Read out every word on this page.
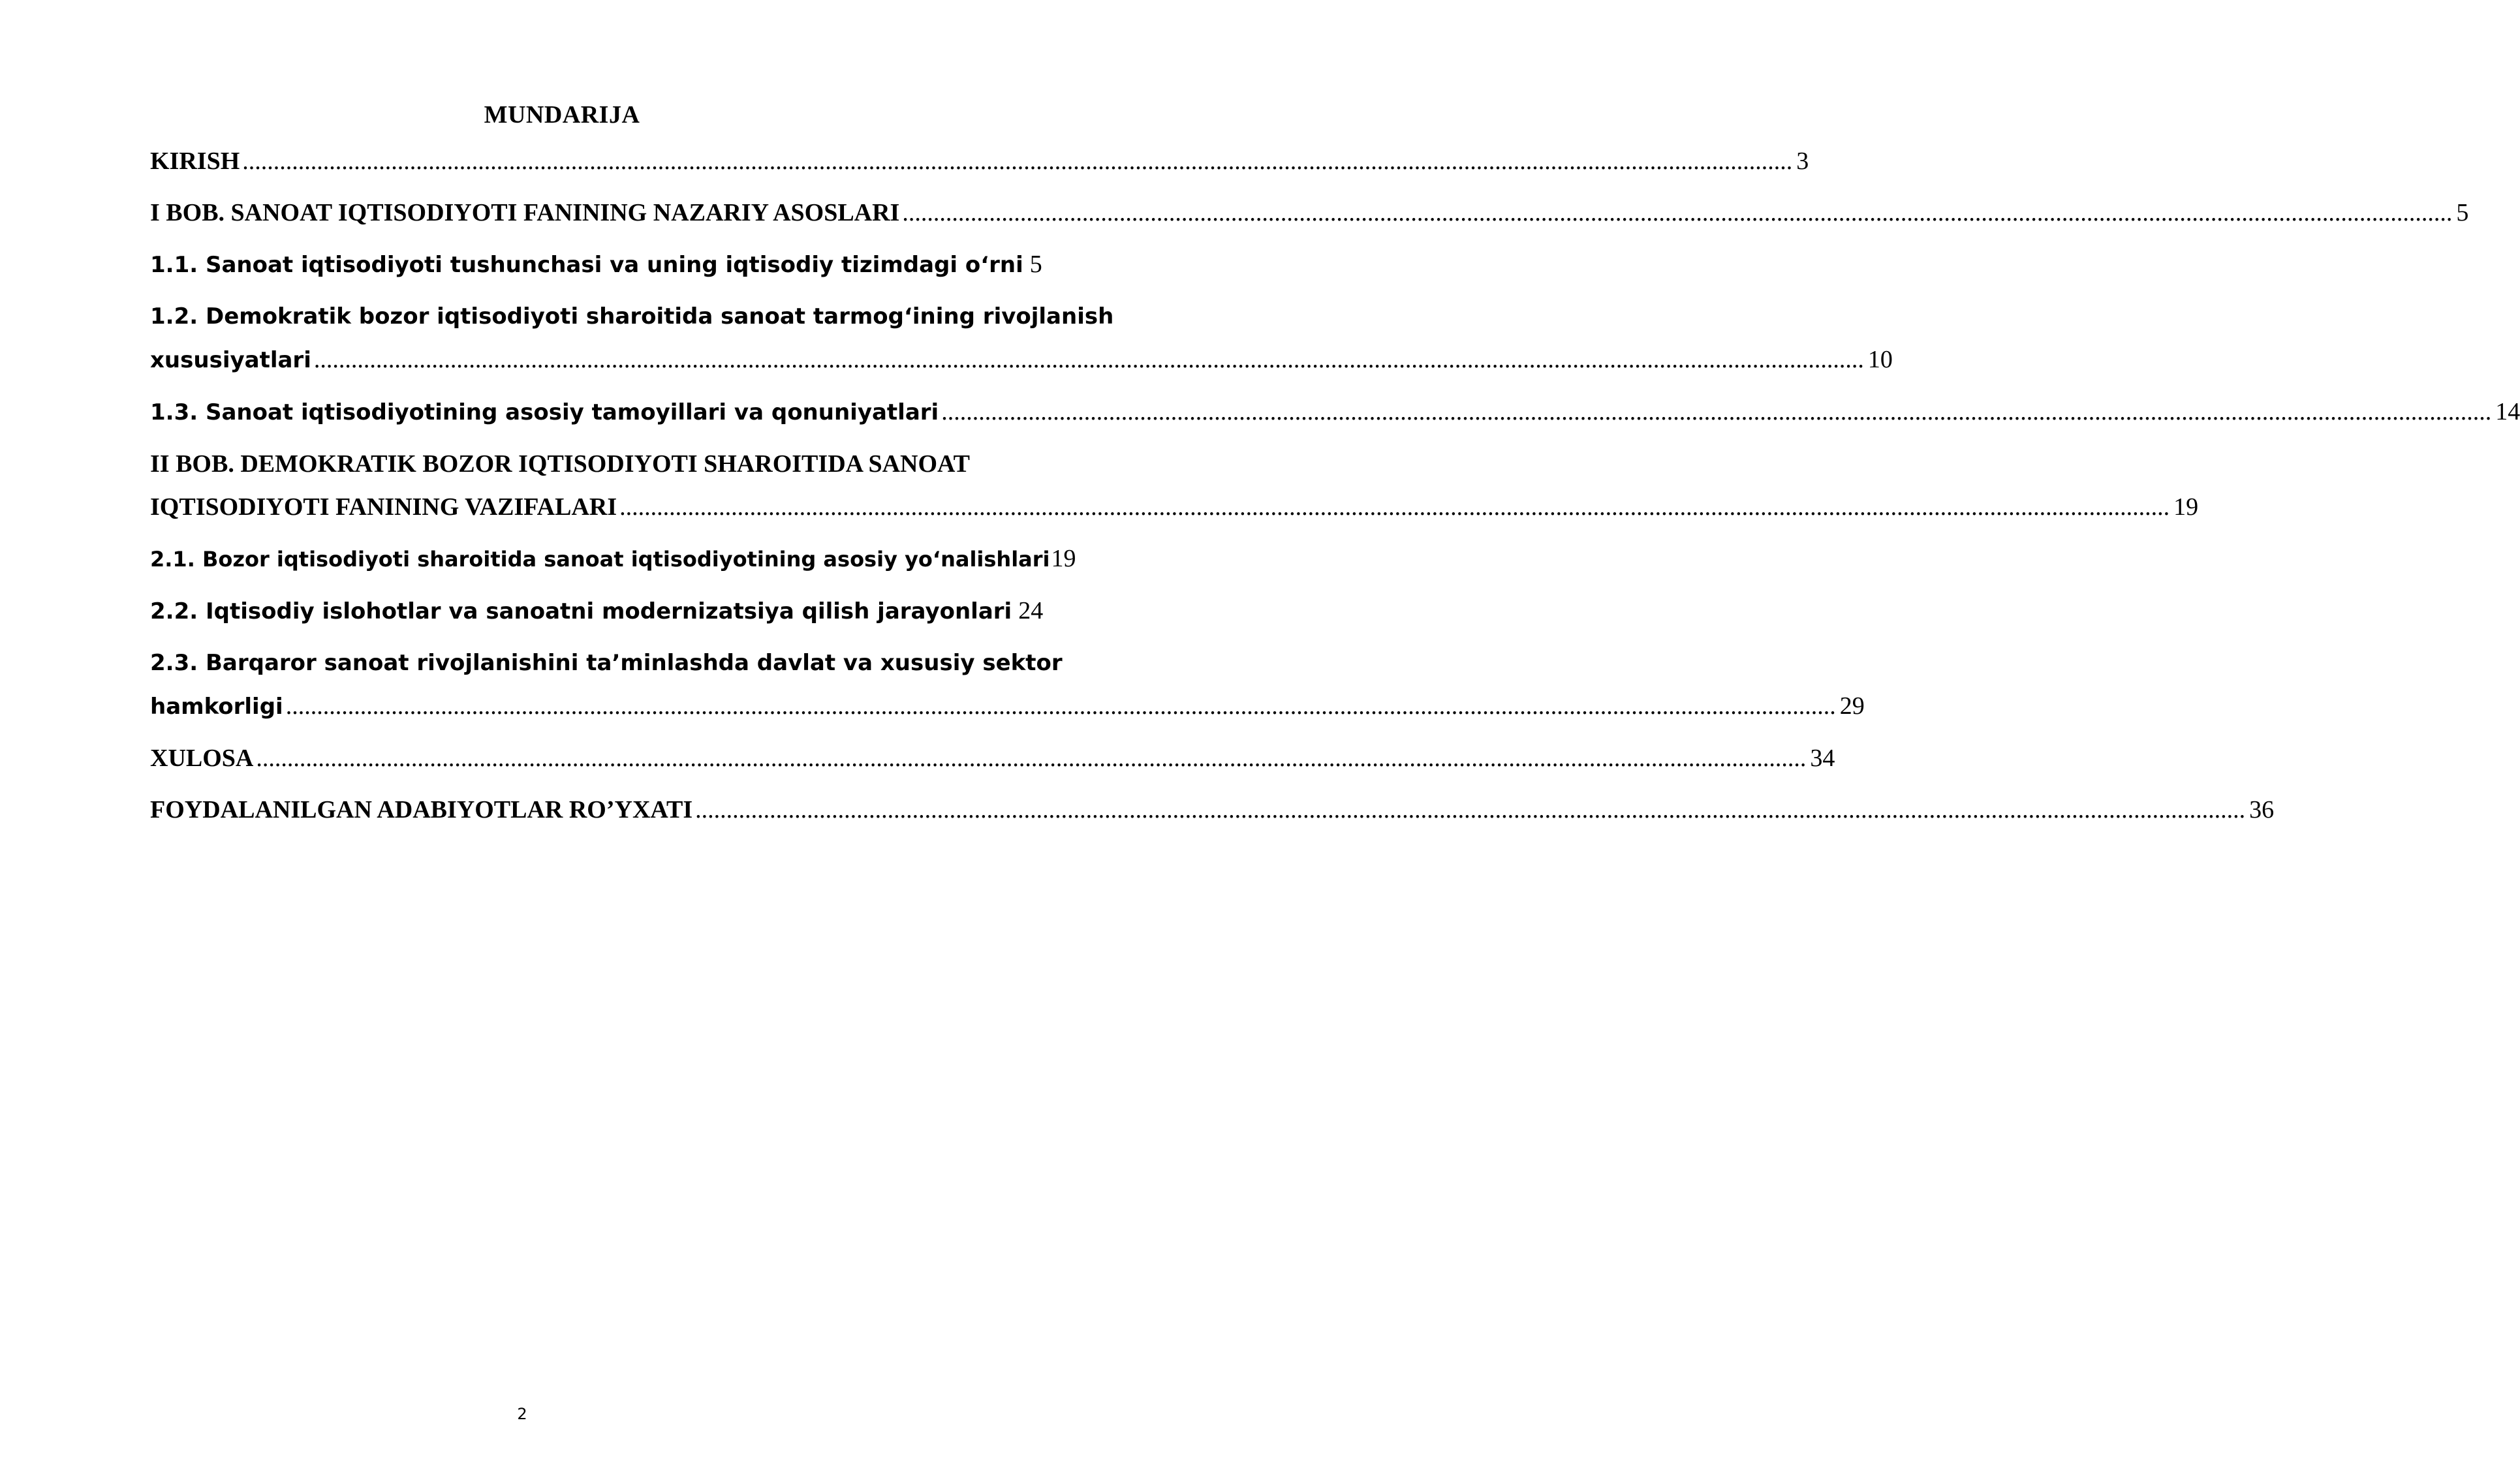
MUNDARIJA
KIRISH .....	3
I BOB. SANOAT IQTISODIYOTI FANINING NAZARIY ASOSLARI .....	5
1.1. Sanoat iqtisodiyoti tushunchasi va uning iqtisodiy tizimdagi o‘rni 5
1.2. Demokratik bozor iqtisodiyoti sharoitida sanoat tarmog‘ining rivojlanish
xususiyatlari .....	10
1.3. Sanoat iqtisodiyotining asosiy tamoyillari va qonuniyatlari .....	14
II BOB. DEMOKRATIK BOZOR IQTISODIYOTI SHAROITIDA SANOAT
IQTISODIYOTI FANINING VAZIFALARI .....	19
2.1. Bozor iqtisodiyoti sharoitida sanoat iqtisodiyotining asosiy yo‘nalishlari 19
2.2. Iqtisodiy islohotlar va sanoatni modernizatsiya qilish jarayonlari 24
2.3. Barqaror sanoat rivojlanishini ta’minlashda davlat va xususiy sektor
hamkorligi .....	29
XULOSA .....	34
FOYDALANILGAN ADABIYOTLAR RO’YXATI .....	36
2
